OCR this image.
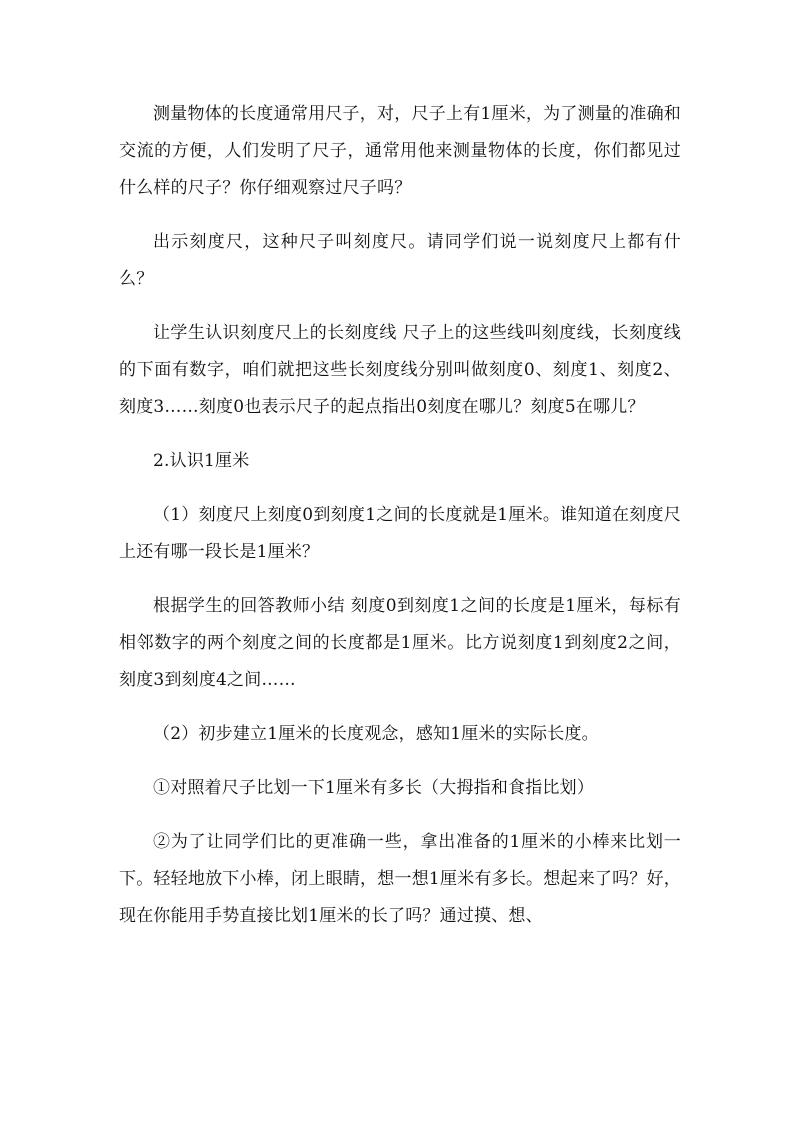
测量物体的长度通常用尺子，对，尺子上有1厘米，为了测量的准确和交流的方便，人们发明了尺子，通常用他来测量物体的长度，你们都见过什么样的尺子？你仔细观察过尺子吗？

出示刻度尺，这种尺子叫刻度尺。请同学们说一说刻度尺上都有什么？

让学生认识刻度尺上的长刻度线 尺子上的这些线叫刻度线，长刻度线的下面有数字，咱们就把这些长刻度线分别叫做刻度0、刻度1、刻度2、刻度3……刻度0也表示尺子的起点指出0刻度在哪儿？刻度5在哪儿？

2.认识1厘米

（1）刻度尺上刻度0到刻度1之间的长度就是1厘米。谁知道在刻度尺上还有哪一段长是1厘米？

根据学生的回答教师小结 刻度0到刻度1之间的长度是1厘米，每标有相邻数字的两个刻度之间的长度都是1厘米。比方说刻度1到刻度2之间，刻度3到刻度4之间……

（2）初步建立1厘米的长度观念，感知1厘米的实际长度。

①对照着尺子比划一下1厘米有多长（大拇指和食指比划）

②为了让同学们比的更准确一些，拿出准备的1厘米的小棒来比划一下。轻轻地放下小棒，闭上眼睛，想一想1厘米有多长。想起来了吗？好，现在你能用手势直接比划1厘米的长了吗？通过摸、想、
